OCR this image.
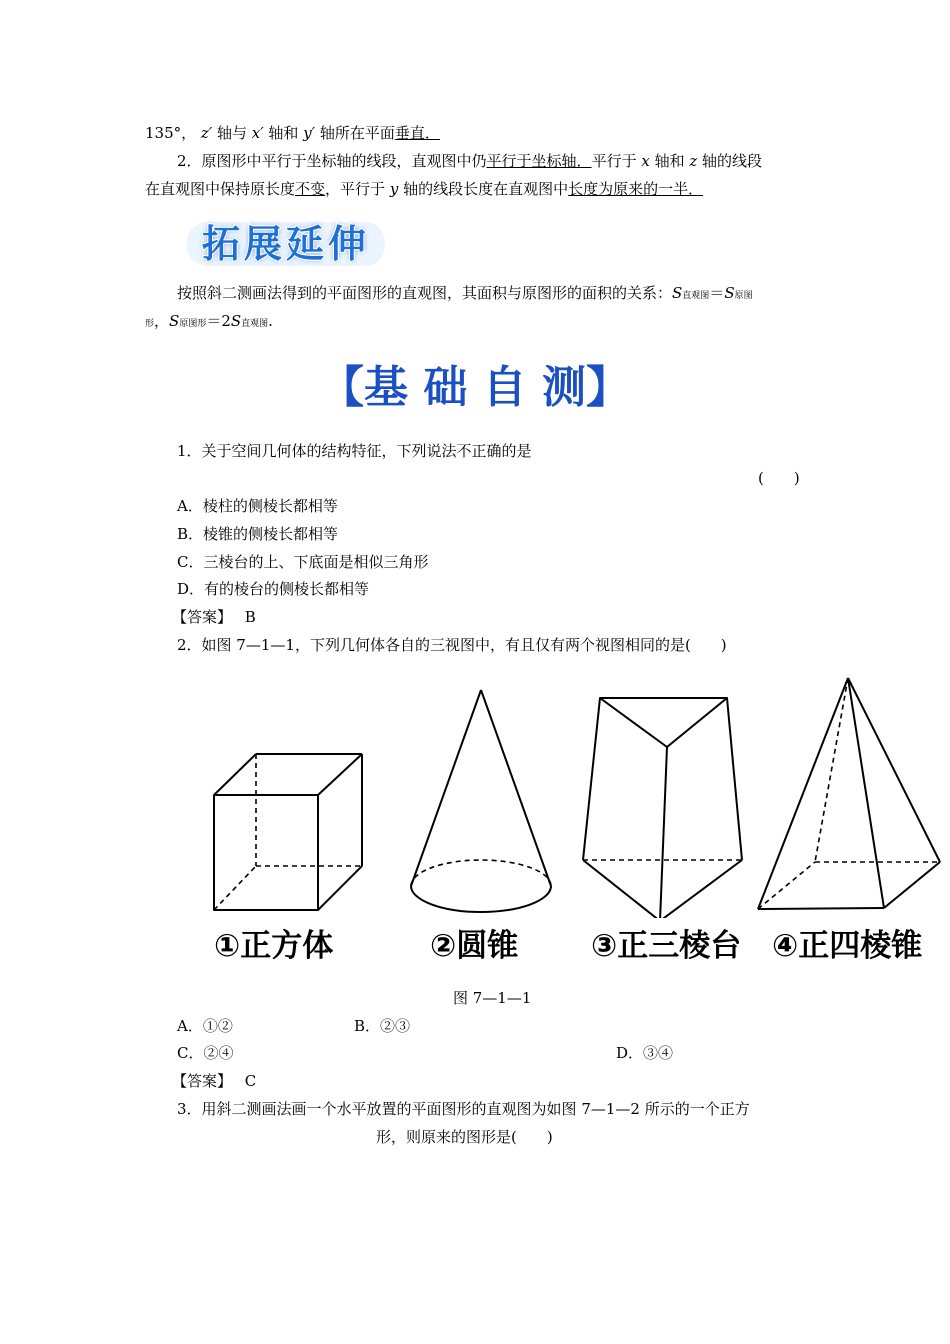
135°， z′ 轴与 x′ 轴和 y′ 轴所在平面垂直．
2．原图形中平行于坐标轴的线段，直观图中仍平行于坐标轴．平行于 x 轴和 z 轴的线段
在直观图中保持原长度不变，平行于 y 轴的线段长度在直观图中长度为原来的一半．
拓展延伸
按照斜二测画法得到的平面图形的直观图，其面积与原图形的面积的关系：S直观图＝S原图
形，S原图形＝2S直观图.
【基 础 自 测】
1．关于空间几何体的结构特征，下列说法不正确的是
(　　)
A．棱柱的侧棱长都相等
B．棱锥的侧棱长都相等
C．三棱台的上、下底面是相似三角形
D．有的棱台的侧棱长都相等
【答案】 B
2．如图 7—1—1，下列几何体各自的三视图中，有且仅有两个视图相同的是(　　)
①正方体	②圆锥 ③正三棱台 ④正四棱锥
图 7—1—1
A．①②	B．②③
C．②④	D．③④
【答案】 C
3．用斜二测画法画一个水平放置的平面图形的直观图为如图 7—1—2 所示的一个正方
形，则原来的图形是(　　)
